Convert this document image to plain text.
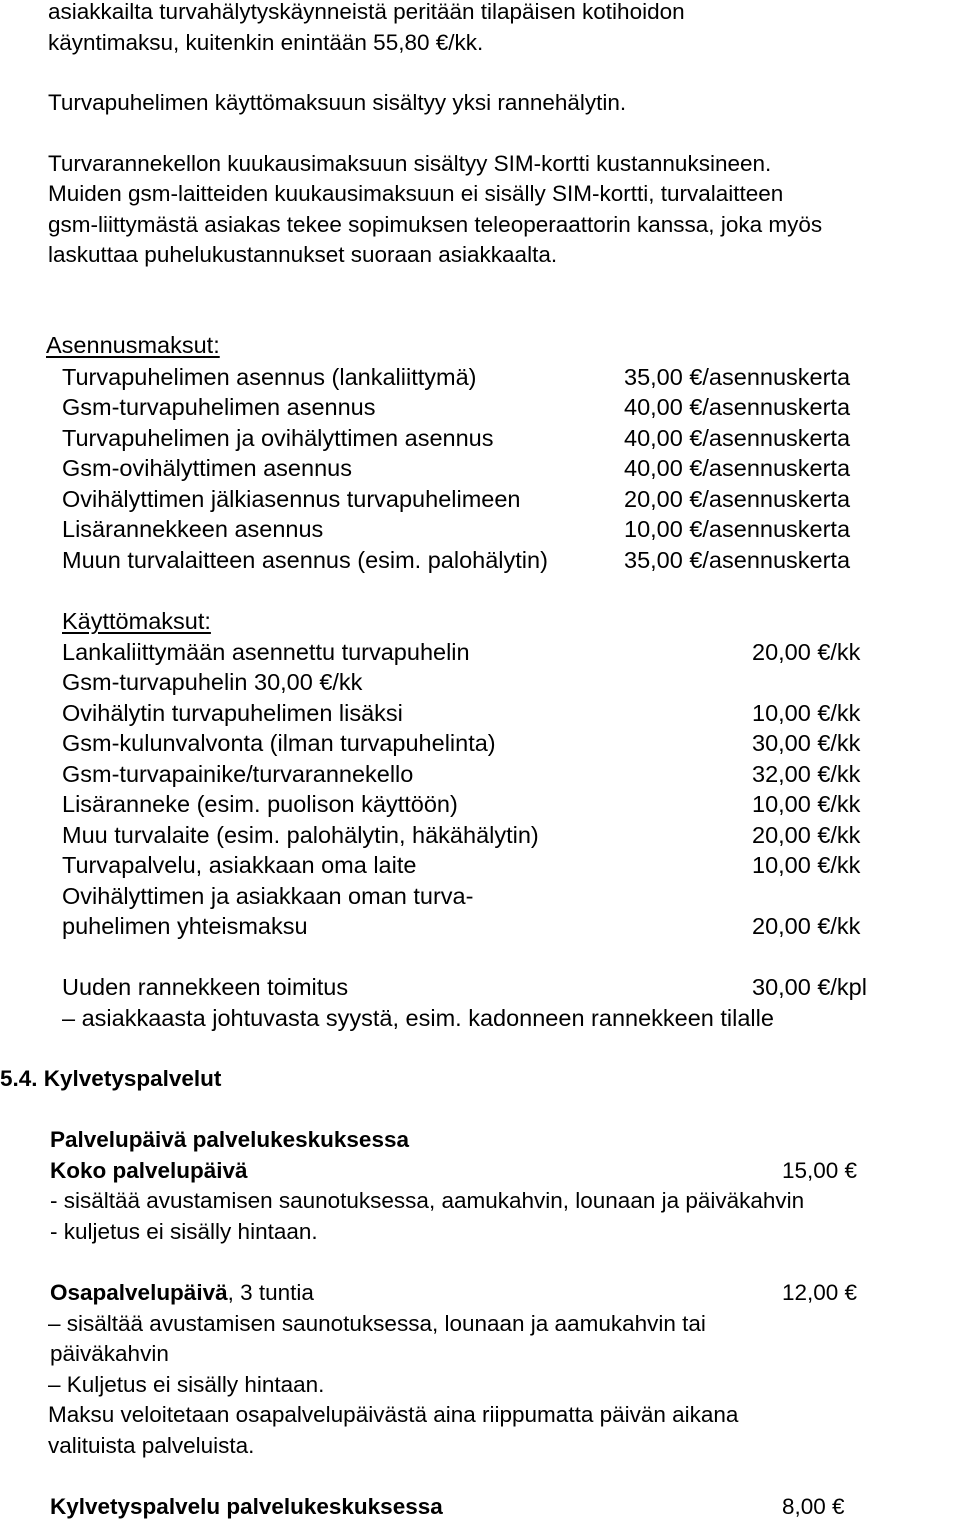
asiakkailta turvahälytyskäynneistä peritään tilapäisen kotihoidon
käyntimaksu, kuitenkin enintään 55,80 €/kk.
Turvapuhelimen käyttömaksuun sisältyy yksi rannehälytin.
Turvarannekellon kuukausimaksuun sisältyy SIM-kortti kustannuksineen.
Muiden gsm-laitteiden kuukausimaksuun ei sisälly SIM-kortti, turvalaitteen
gsm-liittymästä asiakas tekee sopimuksen teleoperaattorin kanssa, joka myös
laskuttaa puhelukustannukset suoraan asiakkaalta.
Asennusmaksut:
Turvapuhelimen asennus (lankaliittymä)	35,00 €/asennuskerta
Gsm-turvapuhelimen asennus	40,00 €/asennuskerta
Turvapuhelimen ja ovihälyttimen asennus	40,00 €/asennuskerta
Gsm-ovihälyttimen asennus	40,00 €/asennuskerta
Ovihälyttimen jälkiasennus turvapuhelimeen	20,00 €/asennuskerta
Lisärannekkeen asennus	10,00 €/asennuskerta
Muun turvalaitteen asennus (esim. palohälytin)	35,00 €/asennuskerta
Käyttömaksut:
Lankaliittymään asennettu turvapuhelin	20,00 €/kk
Gsm-turvapuhelin 30,00 €/kk
Ovihälytin turvapuhelimen lisäksi	10,00 €/kk
Gsm-kulunvalvonta (ilman turvapuhelinta)	30,00 €/kk
Gsm-turvapainike/turvarannekello	32,00 €/kk
Lisäranneke (esim. puolison käyttöön)	10,00 €/kk
Muu turvalaite (esim. palohälytin, häkähälytin)	20,00 €/kk
Turvapalvelu, asiakkaan oma laite	10,00 €/kk
Ovihälyttimen ja asiakkaan oman turva-
puhelimen yhteismaksu	20,00 €/kk
Uuden rannekkeen toimitus	30,00 €/kpl
– asiakkaasta johtuvasta syystä, esim. kadonneen rannekkeen tilalle
5.4. Kylvetyspalvelut
Palvelupäivä palvelukeskuksessa
Koko palvelupäivä	15,00 €
- sisältää avustamisen saunotuksessa, aamukahvin, lounaan ja päiväkahvin
- kuljetus ei sisälly hintaan.
Osapalvelupäivä, 3 tuntia	12,00 €
– sisältää avustamisen saunotuksessa, lounaan ja aamukahvin tai
päiväkahvin
– Kuljetus ei sisälly hintaan.
Maksu veloitetaan osapalvelupäivästä aina riippumatta päivän aikana
valituista palveluista.
Kylvetyspalvelu palvelukeskuksessa	8,00 €
